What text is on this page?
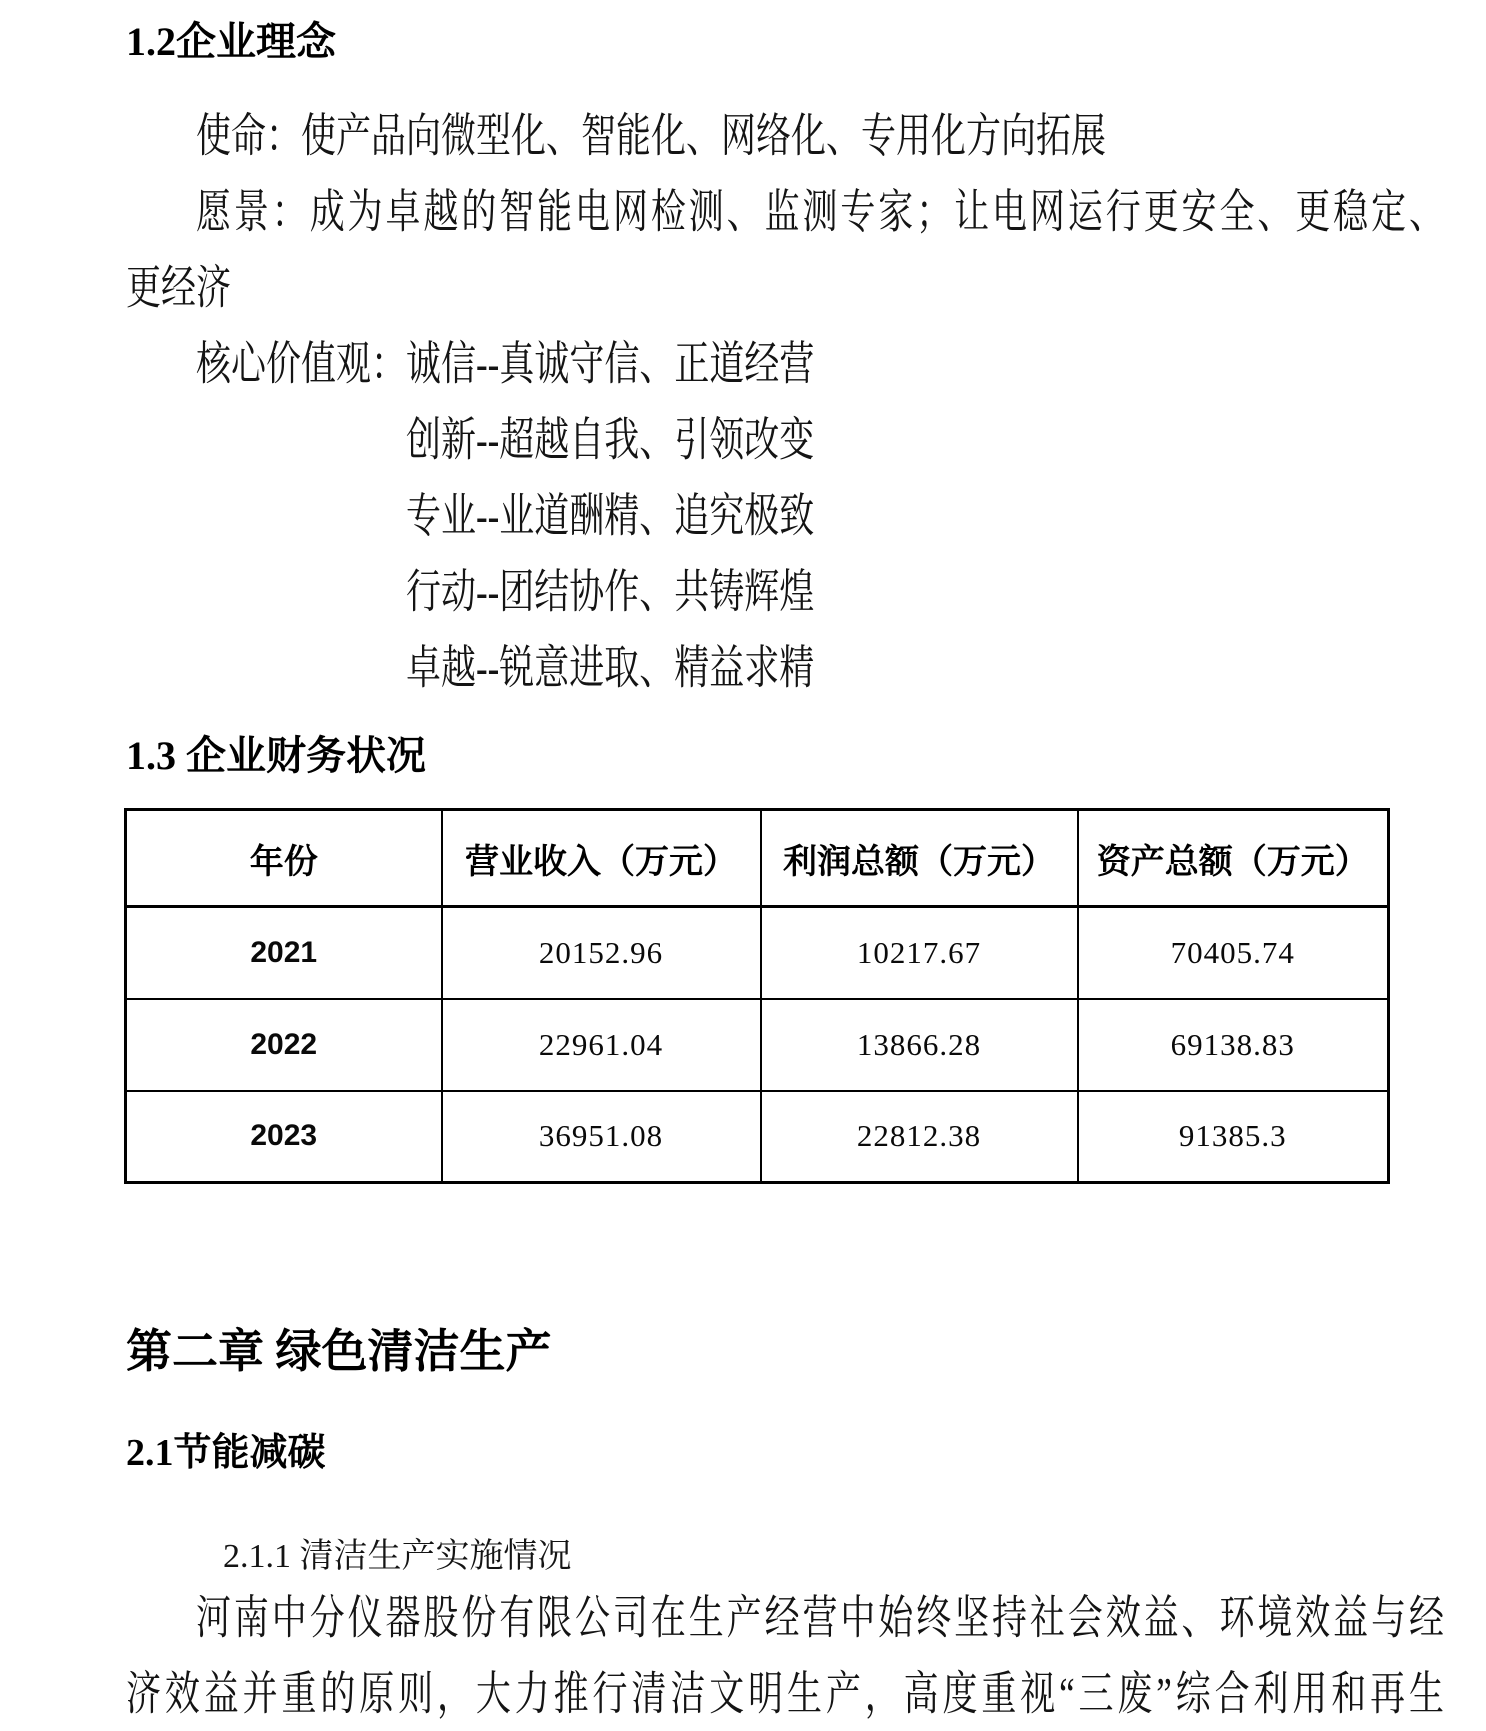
1.2企业理念
使命：使产品向微型化、智能化、网络化、专用化方向拓展
愿景：成为卓越的智能电网检测、监测专家；让电网运行更安全、更稳定、
更经济
核心价值观：诚信--真诚守信、正道经营
创新--超越自我、引领改变
专业--业道酬精、追究极致
行动--团结协作、共铸辉煌
卓越--锐意进取、精益求精
1.3 企业财务状况
年份	营业收入（万元）	利润总额（万元）	资产总额（万元）
2021	20152.96	10217.67	70405.74
2022	22961.04	13866.28	69138.83
2023	36951.08	22812.38	91385.3
第二章 绿色清洁生产
2.1节能减碳
2.1.1 清洁生产实施情况
河南中分仪器股份有限公司在生产经营中始终坚持社会效益、环境效益与经
济效益并重的原则，大力推行清洁文明生产，高度重视“三废”综合利用和再生
